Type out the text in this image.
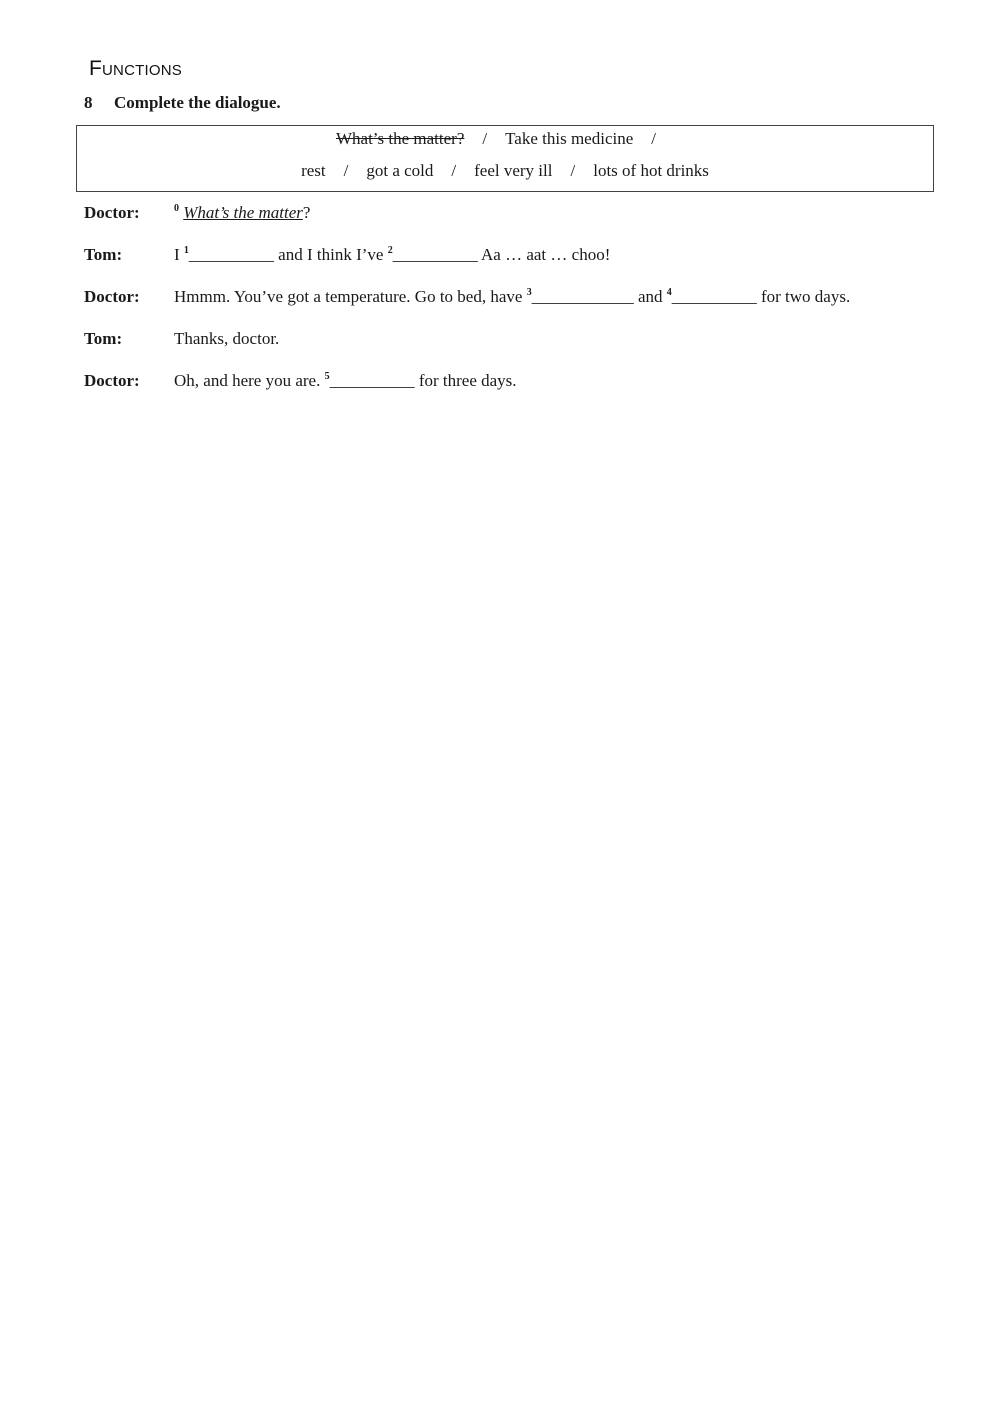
Functions
8 Complete the dialogue.
What’s the matter? / Take this medicine /
rest / got a cold / feel very ill / lots of hot drinks
Doctor:	$^0$ What’s the matter?
Tom:	I $^1$__________ and I think I’ve $^2$__________ Aa … aat … choo!
Doctor: Hmmm. You’ve got a temperature. Go to bed, have $^3$____________ and $^4$__________ for two days.
Tom:	Thanks, doctor.
Doctor: Oh, and here you are. $^5$__________ for three days.
